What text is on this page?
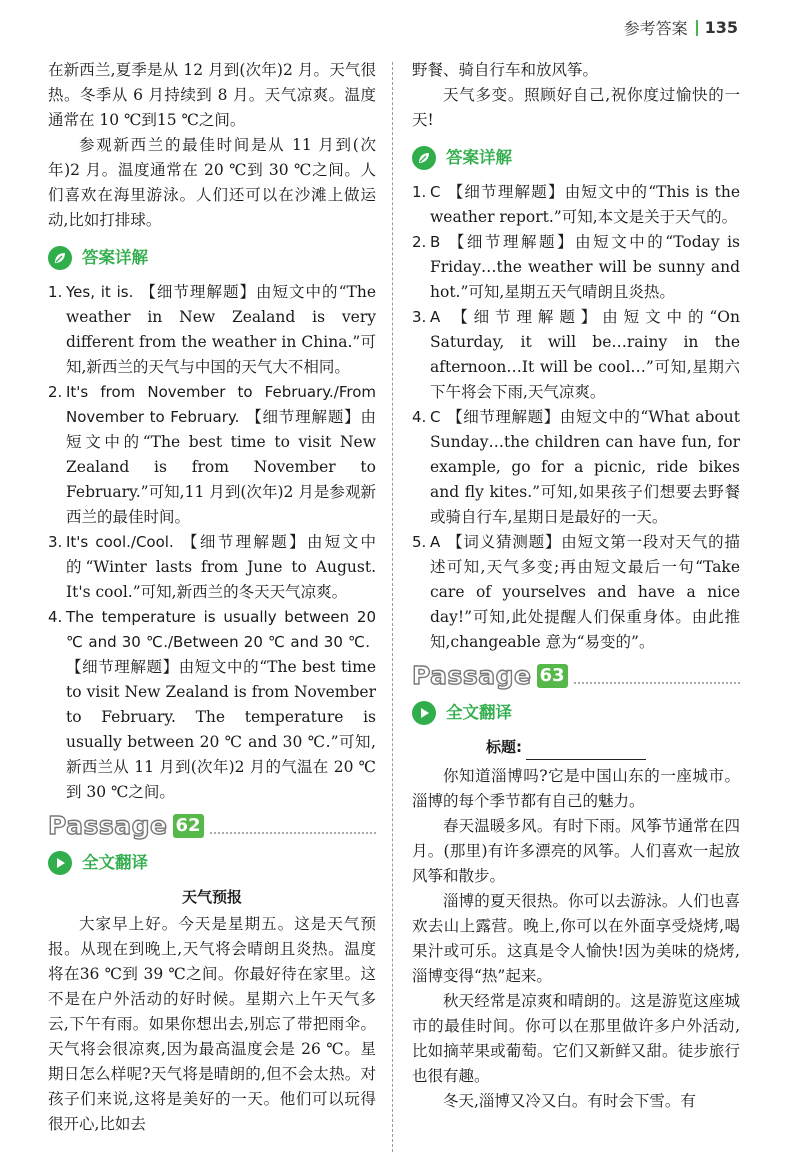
参考答案 135

在新西兰,夏季是从 12 月到(次年)2 月。天气很热。冬季从 6 月持续到 8 月。天气凉爽。温度通常在 10 ℃到15 ℃之间。

参观新西兰的最佳时间是从 11 月到(次年)2 月。温度通常在 20 ℃到 30 ℃之间。人们喜欢在海里游泳。人们还可以在沙滩上做运动,比如打排球。

答案详解
1. Yes, it is. 【细节理解题】由短文中的“The weather in New Zealand is very different from the weather in China.”可知,新西兰的天气与中国的天气大不相同。
2. It's from November to February./From November to February. 【细节理解题】由短文中的“The best time to visit New Zealand is from November to February.”可知,11 月到(次年)2 月是参观新西兰的最佳时间。
3. It's cool./Cool. 【细节理解题】由短文中的“Winter lasts from June to August. It's cool.”可知,新西兰的冬天天气凉爽。
4. The temperature is usually between 20 ℃ and 30 ℃./Between 20 ℃ and 30 ℃.【细节理解题】由短文中的“The best time to visit New Zealand is from November to February. The temperature is usually between 20 ℃ and 30 ℃.”可知,新西兰从 11 月到(次年)2 月的气温在 20 ℃到 30 ℃之间。
Passage 62
全文翻译
天气预报

大家早上好。今天是星期五。这是天气预报。从现在到晚上,天气将会晴朗且炎热。温度将在36 ℃到 39 ℃之间。你最好待在家里。这不是在户外活动的好时候。星期六上午天气多云,下午有雨。如果你想出去,别忘了带把雨伞。天气将会很凉爽,因为最高温度会是 26 ℃。星期日怎么样呢?天气将是晴朗的,但不会太热。对孩子们来说,这将是美好的一天。他们可以玩得很开心,比如去

野餐、骑自行车和放风筝。

天气多变。照顾好自己,祝你度过愉快的一天!

答案详解
1. C 【细节理解题】由短文中的“This is the weather report.”可知,本文是关于天气的。
2. B 【细节理解题】由短文中的“Today is Friday…the weather will be sunny and hot.”可知,星期五天气晴朗且炎热。
3. A 【细节理解题】由短文中的“On Saturday, it will be…rainy in the afternoon…It will be cool…”可知,星期六下午将会下雨,天气凉爽。
4. C 【细节理解题】由短文中的“What about Sunday…the children can have fun, for example, go for a picnic, ride bikes and fly kites.”可知,如果孩子们想要去野餐或骑自行车,星期日是最好的一天。
5. A 【词义猜测题】由短文第一段对天气的描述可知,天气多变;再由短文最后一句“Take care of yourselves and have a nice day!”可知,此处提醒人们保重身体。由此推知,changeable 意为“易变的”。
Passage 63
全文翻译
标题:

你知道淄博吗?它是中国山东的一座城市。淄博的每个季节都有自己的魅力。

春天温暖多风。有时下雨。风筝节通常在四月。(那里)有许多漂亮的风筝。人们喜欢一起放风筝和散步。

淄博的夏天很热。你可以去游泳。人们也喜欢去山上露营。晚上,你可以在外面享受烧烤,喝果汁或可乐。这真是令人愉快!因为美味的烧烤,淄博变得“热”起来。

秋天经常是凉爽和晴朗的。这是游览这座城市的最佳时间。你可以在那里做许多户外活动,比如摘苹果或葡萄。它们又新鲜又甜。徒步旅行也很有趣。

冬天,淄博又冷又白。有时会下雪。有
